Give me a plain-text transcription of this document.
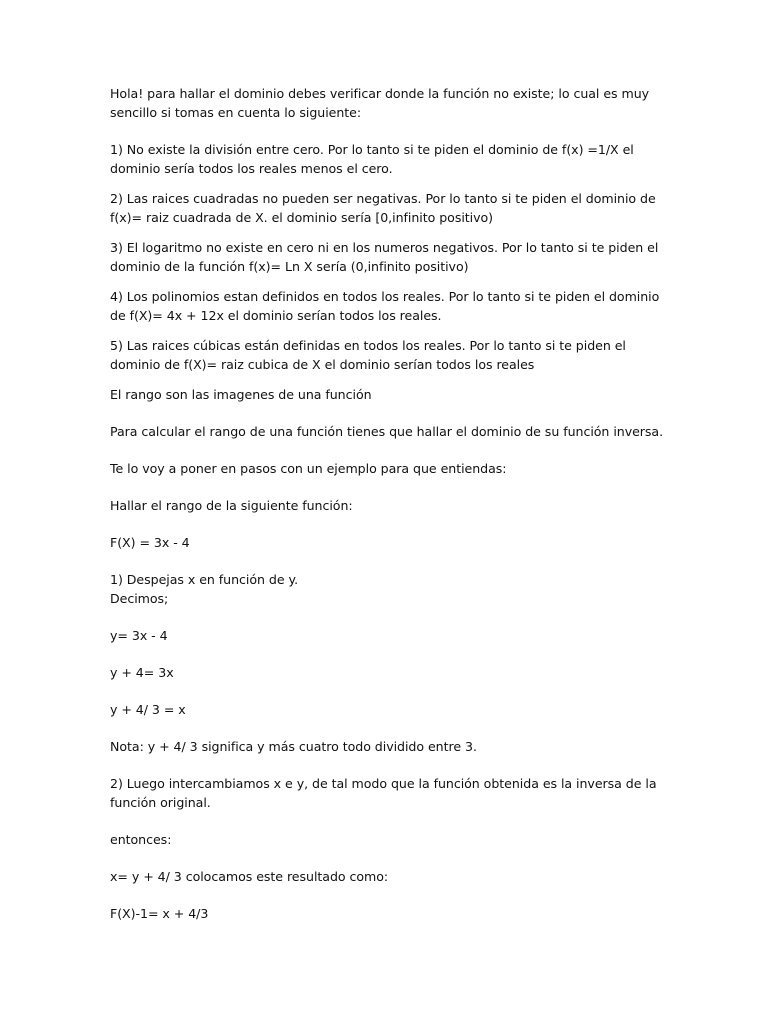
Hola! para hallar el dominio debes verificar donde la función no existe; lo cual es muy sencillo si tomas en cuenta lo siguiente:

1) No existe la división entre cero. Por lo tanto si te piden el dominio de f(x) =1/X el dominio sería todos los reales menos el cero.

2) Las raices cuadradas no pueden ser negativas. Por lo tanto si te piden el dominio de f(x)= raiz cuadrada de X. el dominio sería [0,infinito positivo)

3) El logaritmo no existe en cero ni en los numeros negativos. Por lo tanto si te piden el dominio de la función f(x)= Ln X sería (0,infinito positivo)

4) Los polinomios estan definidos en todos los reales. Por lo tanto si te piden el dominio de f(X)= 4x + 12x el dominio serían todos los reales.

5) Las raices cúbicas están definidas en todos los reales. Por lo tanto si te piden el dominio de f(X)= raiz cubica de X el dominio serían todos los reales

El rango son las imagenes de una función

Para calcular el rango de una función tienes que hallar el dominio de su función inversa.

Te lo voy a poner en pasos con un ejemplo para que entiendas:

Hallar el rango de la siguiente función:

F(X) = 3x - 4

1) Despejas x en función de y.

Decimos;

y= 3x - 4

y + 4= 3x

y + 4/ 3 = x

Nota: y + 4/ 3 significa y más cuatro todo dividido entre 3.

2) Luego intercambiamos x e y, de tal modo que la función obtenida es la inversa de la función original.

entonces:

x= y + 4/ 3 colocamos este resultado como:

F(X)-1= x + 4/3
